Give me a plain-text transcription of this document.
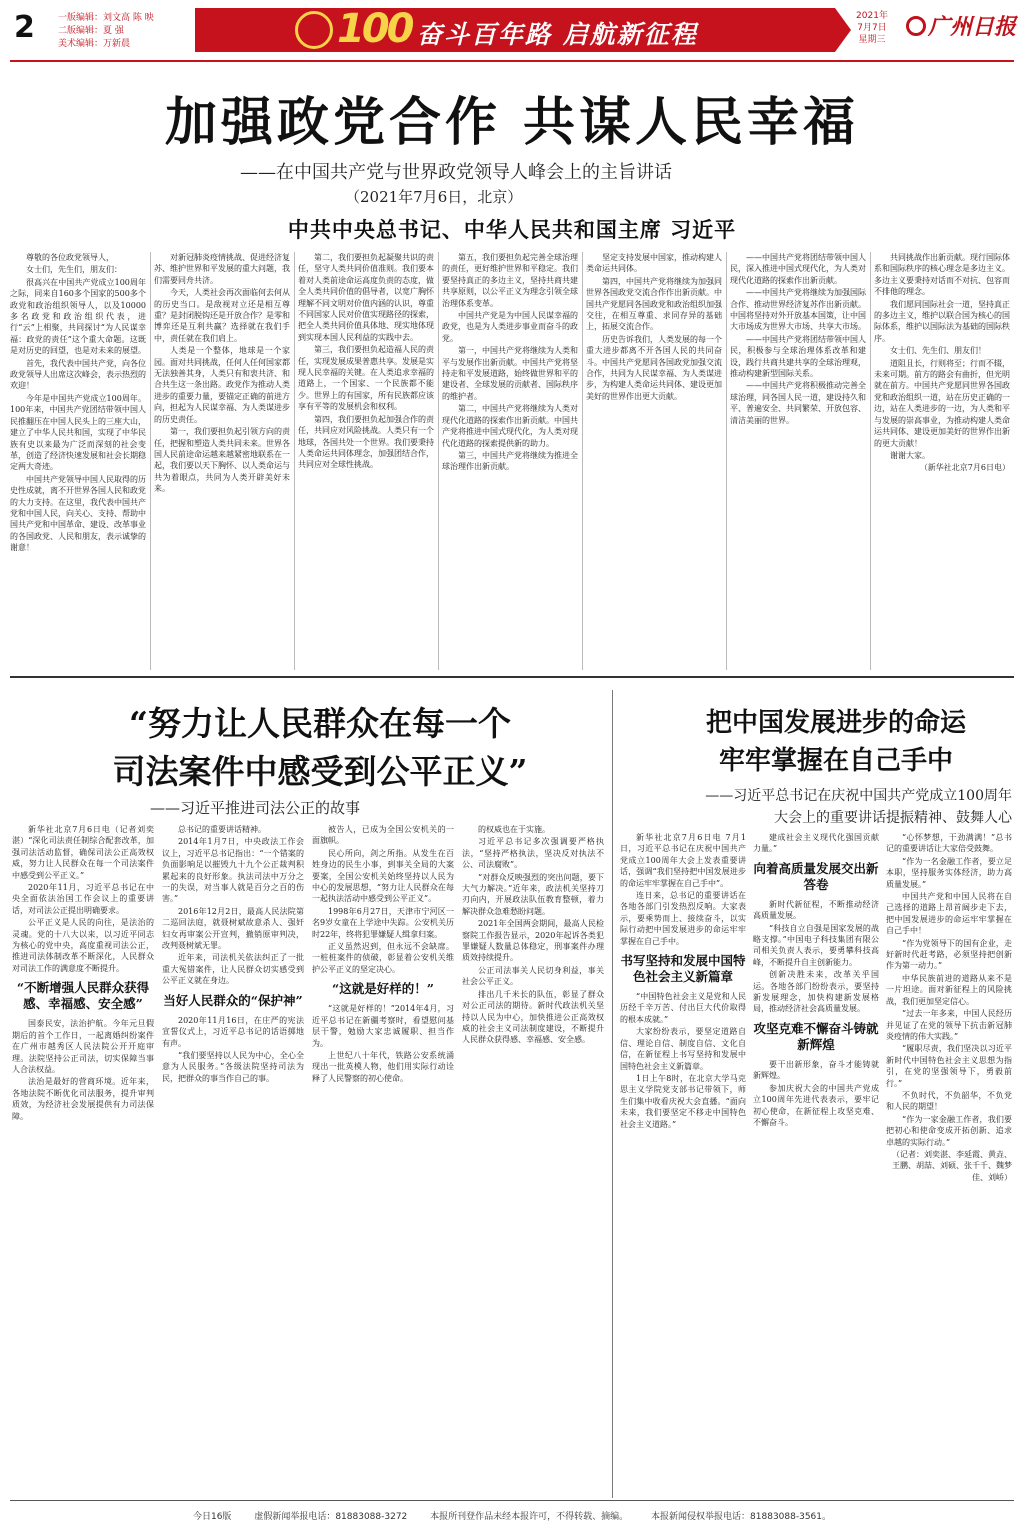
2	一版编辑：刘文高 陈 映
二版编辑：夏 强
美术编辑：万新晨	100 奋斗百年路 启航新征程
2021年
7月7日
星期三	广州日报
加强政党合作 共谋人民幸福
——在中国共产党与世界政党领导人峰会上的主旨讲话
（2021年7月6日，北京）
中共中央总书记、中华人民共和国主席 习近平

尊敬的各位政党领导人，

女士们，先生们，朋友们：

很高兴在中国共产党成立100周年之际，同来自160多个国家的500多个政党和政治组织领导人，以及10000多名政党和政治组织代表，进行“云”上相聚，共同探讨“为人民谋幸福：政党的责任”这个重大命题。这既是对历史的回望，也是对未来的展望。

首先，我代表中国共产党，向各位政党领导人出席这次峰会，表示热烈的欢迎！

今年是中国共产党成立100周年。100年来，中国共产党团结带领中国人民推翻压在中国人民头上的三座大山，建立了中华人民共和国，实现了中华民族有史以来最为广泛而深刻的社会变革，创造了经济快速发展和社会长期稳定两大奇迹。

中国共产党领导中国人民取得的历史性成就，离不开世界各国人民和政党的大力支持。在这里，我代表中国共产党和中国人民，向关心、支持、帮助中国共产党和中国革命、建设、改革事业的各国政党、人民和朋友，表示诚挚的谢意！

对新冠肺炎疫情挑战、促进经济复苏、维护世界和平发展的重大问题，我们需要同舟共济。

今天，人类社会再次面临何去何从的历史当口。是敌视对立还是相互尊重？是封闭脱钩还是开放合作？是零和博弈还是互利共赢？选择就在我们手中，责任就在我们肩上。

人类是一个整体，地球是一个家园。面对共同挑战，任何人任何国家都无法独善其身，人类只有和衷共济、和合共生这一条出路。政党作为推动人类进步的重要力量，要锚定正确的前进方向，担起为人民谋幸福、为人类谋进步的历史责任。

第一，我们要担负起引领方向的责任，把握和塑造人类共同未来。世界各国人民前途命运越来越紧密地联系在一起，我们要以天下胸怀、以人类命运与共为着眼点，共同为人类开辟美好未来。

第二，我们要担负起凝聚共识的责任，坚守人类共同价值准则。我们要本着对人类前途命运高度负责的态度，做全人类共同价值的倡导者，以宽广胸怀理解不同文明对价值内涵的认识，尊重不同国家人民对价值实现路径的探索，把全人类共同价值具体地、现实地体现到实现本国人民利益的实践中去。

第三，我们要担负起造福人民的责任，实现发展成果普惠共享。发展是实现人民幸福的关键。在人类追求幸福的道路上，一个国家、一个民族都不能少。世界上的有国家，所有民族都应该享有平等的发展机会和权利。

第四，我们要担负起加强合作的责任，共同应对风险挑战。人类只有一个地球，各国共处一个世界。我们要秉持人类命运共同体理念，加强团结合作，共同应对全球性挑战。

第五，我们要担负起完善全球治理的责任，更好维护世界和平稳定。我们要坚持真正的多边主义，坚持共商共建共享原则，以公平正义为理念引领全球治理体系变革。

中国共产党是为中国人民谋幸福的政党，也是为人类进步事业而奋斗的政党。

第一，中国共产党将继续为人类和平与发展作出新贡献。中国共产党将坚持走和平发展道路，始终做世界和平的建设者、全球发展的贡献者、国际秩序的维护者。

第二，中国共产党将继续为人类对现代化道路的探索作出新贡献。中国共产党将推进中国式现代化，为人类对现代化道路的探索提供新的助力。

第三，中国共产党将继续为推进全球治理作出新贡献。

坚定支持发展中国家，推动构建人类命运共同体。

第四，中国共产党将继续为加强同世界各国政党交流合作作出新贡献。中国共产党愿同各国政党和政治组织加强交往，在相互尊重、求同存异的基础上，拓展交流合作。

历史告诉我们，人类发展的每一个重大进步都离不开各国人民的共同奋斗。中国共产党愿同各国政党加强交流合作，共同为人民谋幸福、为人类谋进步，为构建人类命运共同体、建设更加美好的世界作出更大贡献。

——中国共产党将团结带领中国人民，深入推进中国式现代化，为人类对现代化道路的探索作出新贡献。

——中国共产党将继续为加强国际合作、推动世界经济复苏作出新贡献。中国将坚持对外开放基本国策，让中国大市场成为世界大市场、共享大市场。

——中国共产党将团结带领中国人民，积极参与全球治理体系改革和建设，践行共商共建共享的全球治理观，推动构建新型国际关系。

——中国共产党将积极推动完善全球治理，同各国人民一道，建设持久和平、普遍安全、共同繁荣、开放包容、清洁美丽的世界。

共同挑战作出新贡献。现行国际体系和国际秩序的核心理念是多边主义。多边主义要秉持对话而不对抗、包容而不排他的理念。

我们愿同国际社会一道，坚持真正的多边主义，维护以联合国为核心的国际体系，维护以国际法为基础的国际秩序。

女士们、先生们、朋友们！

道阻且长，行则将至；行而不辍，未来可期。前方的路会有曲折，但光明就在前方。中国共产党愿同世界各国政党和政治组织一道，站在历史正确的一边，站在人类进步的一边，为人类和平与发展的崇高事业，为推动构建人类命运共同体、建设更加美好的世界作出新的更大贡献！

谢谢大家。

（新华社北京7月6日电）

“努力让人民群众在每一个
司法案件中感受到公平正义”
——习近平推进司法公正的故事

新华社北京7月6日电（记者刘奕湛）“深化司法责任制综合配套改革，加强司法活动监督，确保司法公正高效权威，努力让人民群众在每一个司法案件中感受到公平正义。”

2020年11月，习近平总书记在中央全面依法治国工作会议上的重要讲话，对司法公正提出明确要求。

公平正义是人民的向往，是法治的灵魂。党的十八大以来，以习近平同志为核心的党中央，高度重视司法公正，推进司法体制改革不断深化，人民群众对司法工作的满意度不断提升。

“不断增强人民群众获得感、幸福感、安全感”

国泰民安，法治护航。今年元旦假期后的首个工作日，一起离婚纠纷案件在广州市越秀区人民法院公开开庭审理。法院坚持公正司法，切实保障当事人合法权益。

法治是最好的营商环境。近年来，各地法院不断优化司法服务，提升审判质效，为经济社会发展提供有力司法保障。

总书记的重要讲话精神。

2014年1月7日，中央政法工作会议上，习近平总书记指出：“一个错案的负面影响足以摧毁九十九个公正裁判积累起来的良好形象。执法司法中万分之一的失误，对当事人就是百分之百的伤害。”

2016年12月2日，最高人民法院第二巡回法庭，就聂树斌故意杀人、强奸妇女再审案公开宣判，撤销原审判决，改判聂树斌无罪。

近年来，司法机关依法纠正了一批重大冤错案件，让人民群众切实感受到公平正义就在身边。

当好人民群众的“保护神”

2020年11月16日，在庄严的宪法宣誓仪式上，习近平总书记的话语掷地有声。

“我们要坚持以人民为中心，全心全意为人民服务。”各级法院坚持司法为民，把群众的事当作自己的事。

被告人，已成为全国公安机关的一面旗帜。

民心所向，剑之所指。从发生在百姓身边的民生小事，到事关全局的大案要案，全国公安机关始终坚持以人民为中心的发展思想，“努力让人民群众在每一起执法活动中感受到公平正义”。

1998年6月27日，天津市宁河区一名9岁女童在上学途中失踪。公安机关历时22年，终将犯罪嫌疑人缉拿归案。

正义虽然迟到，但永远不会缺席。一桩桩案件的侦破，彰显着公安机关维护公平正义的坚定决心。

“这就是好样的！”

“这就是好样的！”2014年4月，习近平总书记在新疆考察时，看望慰问基层干警，勉励大家忠诚履职、担当作为。

上世纪八十年代，铁路公安系统涌现出一批英模人物，他们用实际行动诠释了人民警察的初心使命。

的权威也在于实施。

习近平总书记多次强调要严格执法，“坚持严格执法，坚决反对执法不公、司法腐败”。

“对群众反映强烈的突出问题，要下大气力解决。”近年来，政法机关坚持刀刃向内，开展政法队伍教育整顿，着力解决群众急难愁盼问题。

2021年全国两会期间，最高人民检察院工作报告显示，2020年起诉各类犯罪嫌疑人数量总体稳定，刑事案件办理质效持续提升。

公正司法事关人民切身利益，事关社会公平正义。

排出几千米长的队伍，彰显了群众对公正司法的期待。新时代政法机关坚持以人民为中心，加快推进公正高效权威的社会主义司法制度建设，不断提升人民群众获得感、幸福感、安全感。

把中国发展进步的命运
牢牢掌握在自己手中
——习近平总书记在庆祝中国共产党成立100周年
大会上的重要讲话提振精神、鼓舞人心

新华社北京7月6日电 7月1日，习近平总书记在庆祝中国共产党成立100周年大会上发表重要讲话，强调“我们坚持把中国发展进步的命运牢牢掌握在自己手中”。

连日来，总书记的重要讲话在各地各部门引发热烈反响。大家表示，要乘势而上、接续奋斗，以实际行动把中国发展进步的命运牢牢掌握在自己手中。

书写坚持和发展中国特色社会主义新篇章

“中国特色社会主义是党和人民历经千辛万苦、付出巨大代价取得的根本成就。”

大家纷纷表示，要坚定道路自信、理论自信、制度自信、文化自信，在新征程上书写坚持和发展中国特色社会主义新篇章。

1日上午8时，在北京大学马克思主义学院党支部书记带领下，师生们集中收看庆祝大会直播。“面向未来，我们要坚定不移走中国特色社会主义道路。”

建成社会主义现代化强国贡献力量。”

向着高质量发展交出新答卷

新时代新征程，不断推动经济高质量发展。

“科技自立自强是国家发展的战略支撑。”中国电子科技集团有限公司相关负责人表示，要勇攀科技高峰，不断提升自主创新能力。

创新决胜未来，改革关乎国运。各地各部门纷纷表示，要坚持新发展理念，加快构建新发展格局，推动经济社会高质量发展。

攻坚克难不懈奋斗铸就新辉煌

要干出新形象，奋斗才能铸就新辉煌。

参加庆祝大会的中国共产党成立100周年先进代表表示，要牢记初心使命，在新征程上攻坚克难、不懈奋斗。

“心怀梦想，干劲满满！”总书记的重要讲话让大家倍受鼓舞。

“作为一名金融工作者，要立足本职，坚持服务实体经济，助力高质量发展。”

中国共产党和中国人民将在自己选择的道路上昂首阔步走下去，把中国发展进步的命运牢牢掌握在自己手中！

“作为党领导下的国有企业，走好新时代赶考路，必须坚持把创新作为第一动力。”

中华民族前进的道路从来不是一片坦途。面对新征程上的风险挑战，我们更加坚定信心。

“过去一年多来，中国人民经历并见证了在党的领导下抗击新冠肺炎疫情的伟大实践。”

“履职尽责，我们坚决以习近平新时代中国特色社会主义思想为指引，在党的坚强领导下，勇毅前行。”

不负时代，不负韶华，不负党和人民的期望！

“作为一家金融工作者，我们要把初心和使命变成开拓创新、追求卓越的实际行动。”

（记者：刘奕湛、李延霞、黄垚、王鹏、胡喆、刘硕、张千千、魏梦佳、刘峤）

今日16版	虚假新闻举报电话：81883088-3272	本报所刊登作品未经本报许可，不得转载、摘编。	本报新闻侵权举报电话：81883088-3561。
